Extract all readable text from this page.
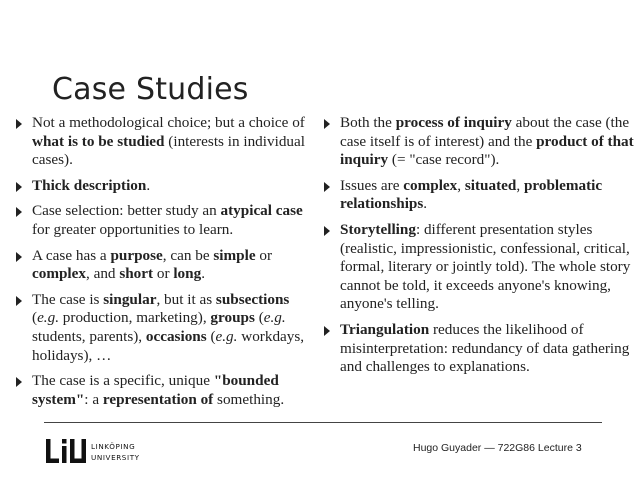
Case Studies
Not a methodological choice; but a choice of what is to be studied (interests in individual cases).
Thick description.
Case selection: better study an atypical case for greater opportunities to learn.
A case has a purpose, can be simple or complex, and short or long.
The case is singular, but it as subsections (e.g. production, marketing), groups (e.g. students, parents), occasions (e.g. workdays, holidays), …
The case is a specific, unique "bounded system": a representation of something.
Both the process of inquiry about the case (the case itself is of interest) and the product of that inquiry (= "case record").
Issues are complex, situated, problematic relationships.
Storytelling: different presentation styles (realistic, impressionistic, confessional, critical, formal, literary or jointly told). The whole story cannot be told, it exceeds anyone's knowing, anyone's telling.
Triangulation reduces the likelihood of misinterpretation: redundancy of data gathering and challenges to explanations.
LINKÖPING
UNIVERSITY
Hugo Guyader — 722G86 Lecture 3
